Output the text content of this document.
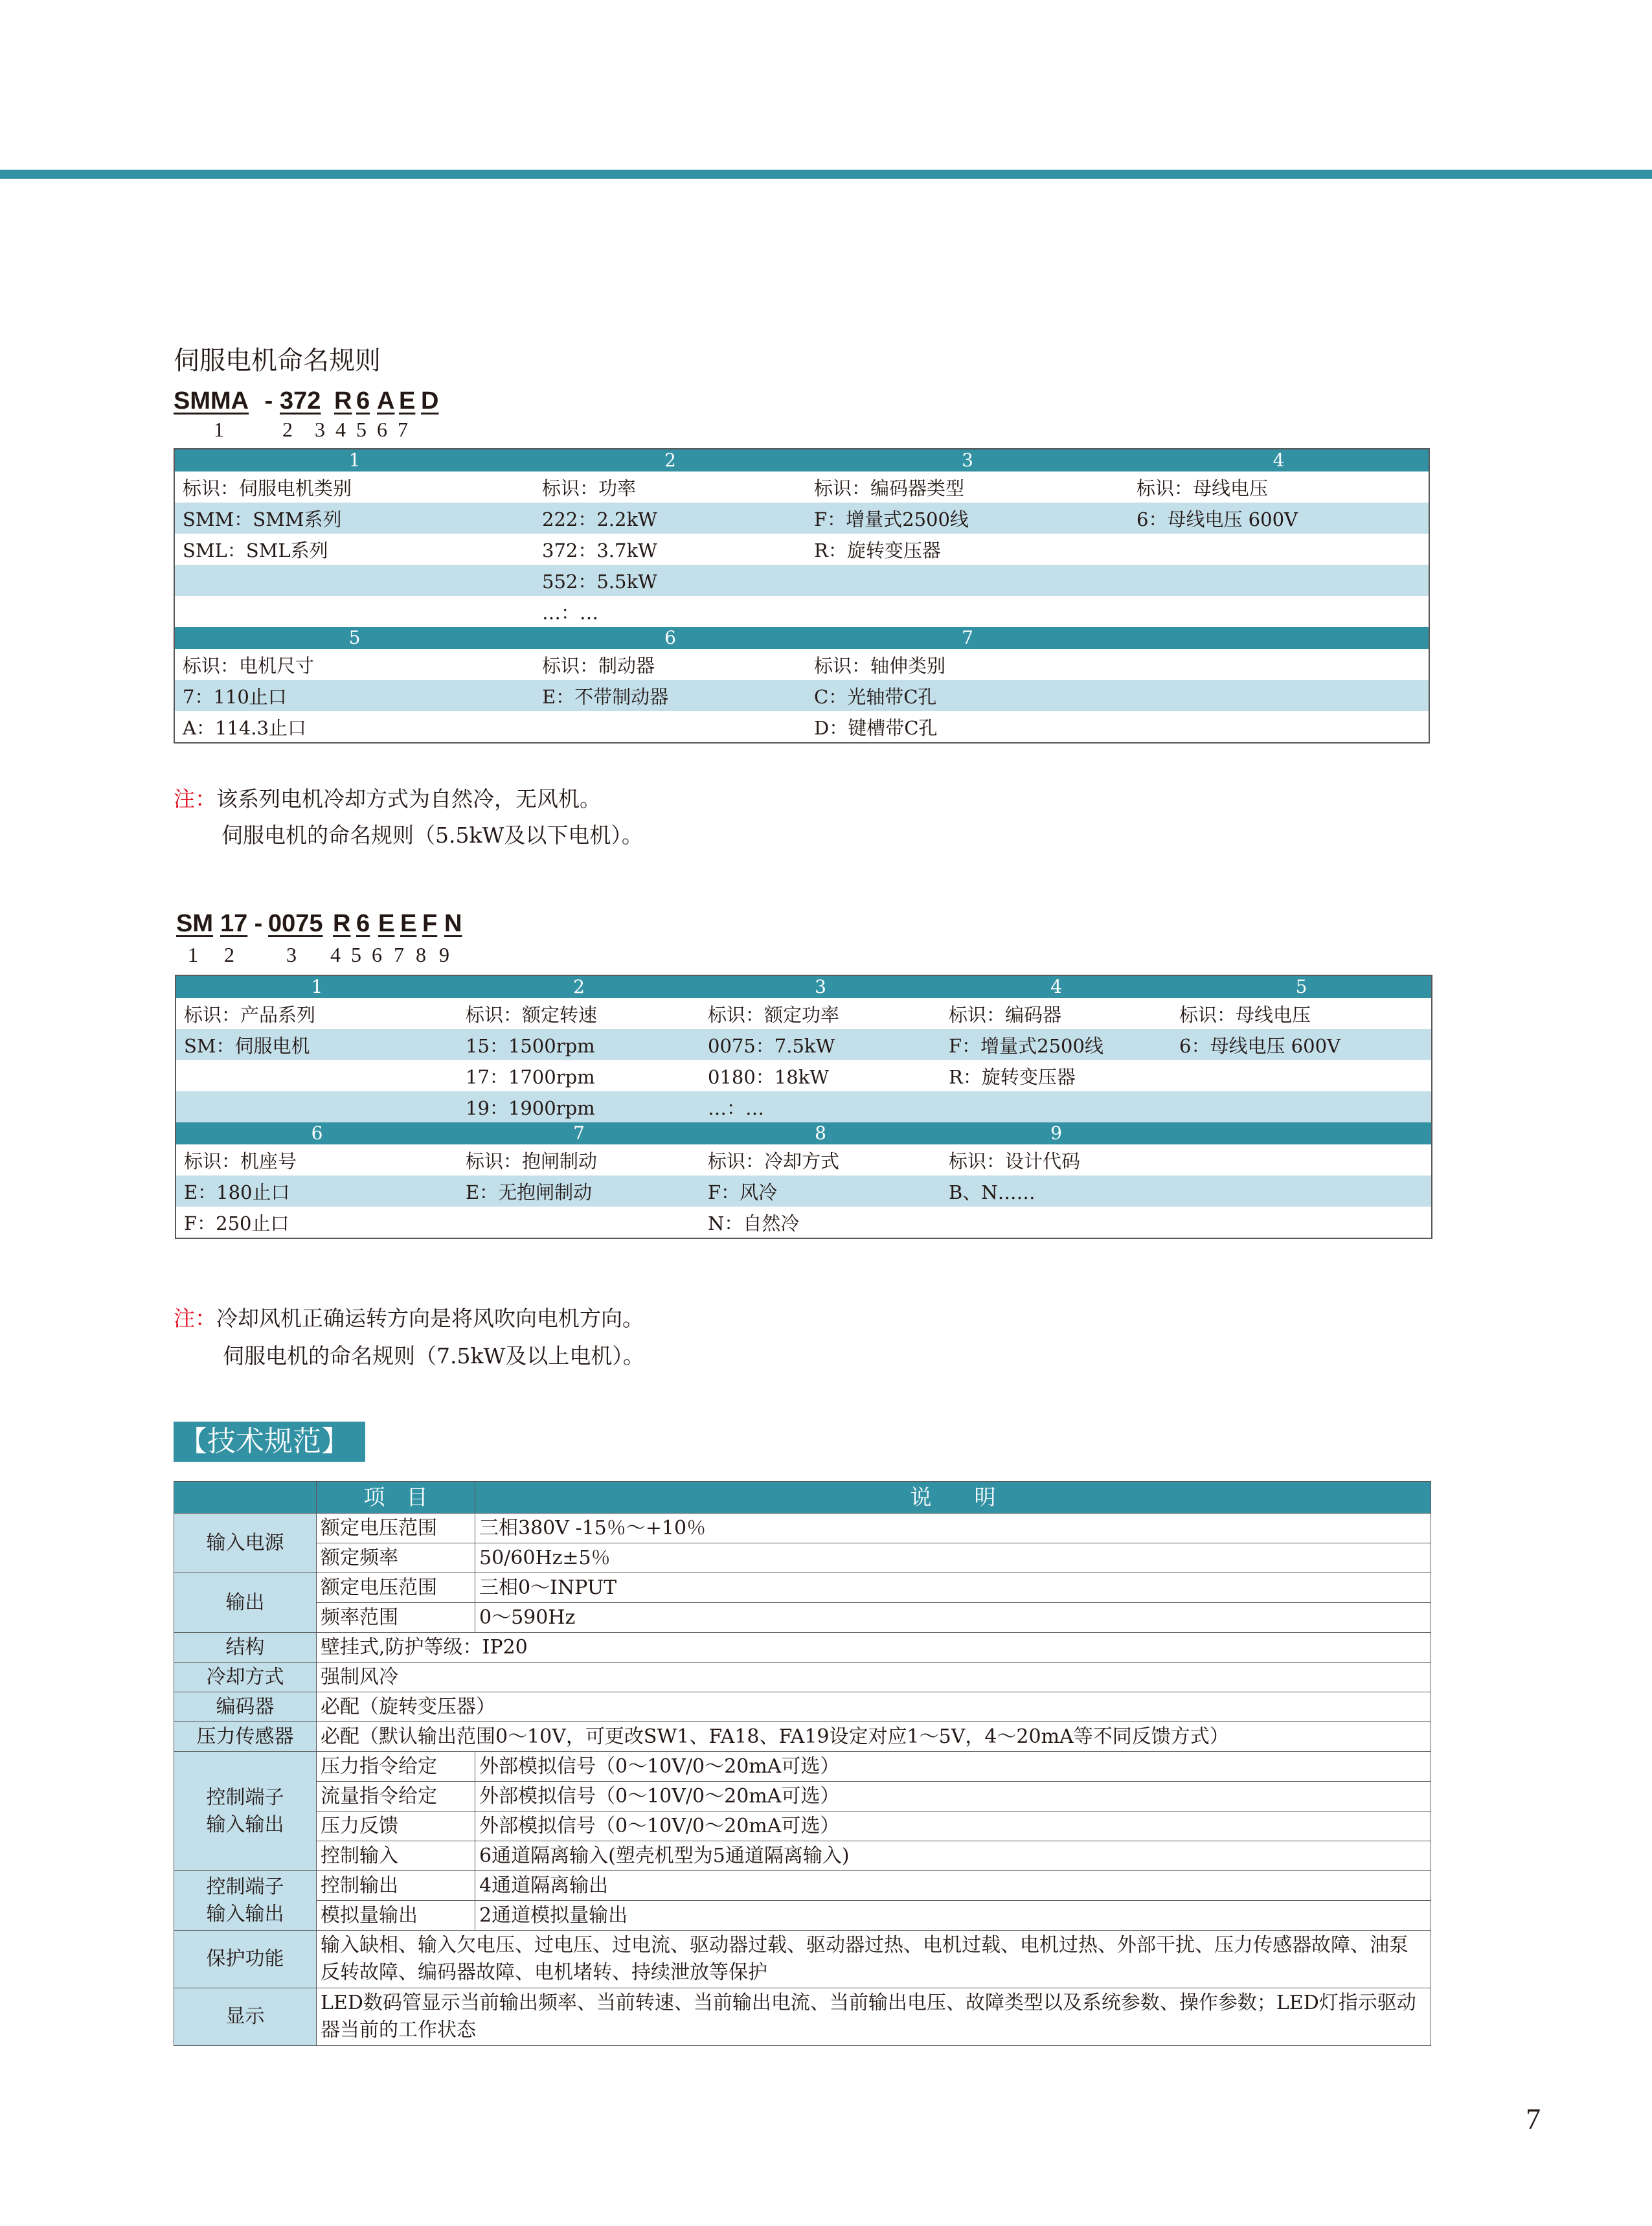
伺服电机命名规则
SMMA - 372 R 6 A E D
1	2 3 4 5 6 7
1	2	3	4
标识：伺服电机类别	标识：功率	标识：编码器类型	标识：母线电压
SMM：SMM系列	222：2.2kW	F：增量式2500线	6：母线电压 600V
SML：SML系列	372：3.7kW	R：旋转变压器	
	552：5.5kW		
	…：…		
5	6	7	
标识：电机尺寸	标识：制动器	标识：轴伸类别	
7：110止口	E：不带制动器	C：光轴带C孔	
A：114.3止口		D：键槽带C孔	
注：该系列电机冷却方式为自然冷，无风机。
伺服电机的命名规则（5.5kW及以下电机）。
SM 17 - 0075 R 6 E E F N
1 2	3 4 5 6 7 8 9
1	2	3	4	5
标识：产品系列	标识：额定转速	标识：额定功率	标识：编码器	标识：母线电压
SM：伺服电机	15：1500rpm	0075：7.5kW	F：增量式2500线	6：母线电压 600V
	17：1700rpm	0180：18kW	R：旋转变压器	
	19：1900rpm	…：…		
6	7	8	9	
标识：机座号	标识：抱闸制动	标识：冷却方式	标识：设计代码	
E：180止口	E：无抱闸制动	F：风冷	B、N……	
F：250止口		N：自然冷		
注：冷却风机正确运转方向是将风吹向电机方向。
伺服电机的命名规则（7.5kW及以上电机）。
【技术规范】
	项　目	说　　明
输入电源	额定电压范围	三相380V -15％～+10％
	额定频率	50/60Hz±5％
输出	额定电压范围	三相0～INPUT
	频率范围	0～590Hz
结构	壁挂式,防护等级：IP20	
冷却方式	强制风冷	
编码器	必配（旋转变压器）	
压力传感器	必配（默认输出范围0～10V，可更改SW1、FA18、FA19设定对应1～5V，4～20mA等不同反馈方式）	
控制端子
输入输出	压力指令给定	外部模拟信号（0～10V/0～20mA可选）
	流量指令给定	外部模拟信号（0～10V/0～20mA可选）
	压力反馈	外部模拟信号（0～10V/0～20mA可选）
	控制输入	6通道隔离输入(塑壳机型为5通道隔离输入)
控制端子
输入输出	控制输出	4通道隔离输出
	模拟量输出	2通道模拟量输出
保护功能	输入缺相、输入欠电压、过电压、过电流、驱动器过载、驱动器过热、电机过载、电机过热、外部干扰、压力传感器故障、油泵反转故障、编码器故障、电机堵转、持续泄放等保护	
显示	LED数码管显示当前输出频率、当前转速、当前输出电流、当前输出电压、故障类型以及系统参数、操作参数；LED灯指示驱动器当前的工作状态	
7
